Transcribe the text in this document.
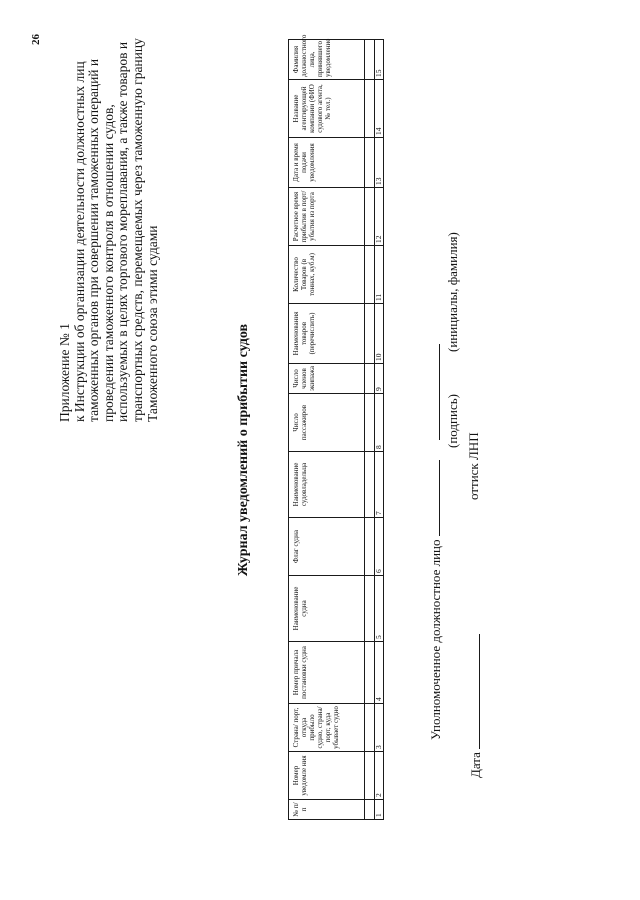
26
Приложение № 1 к Инструкции об организации деятельности должностных лиц таможенных органов при совершении таможенных операций и проведении таможенного контроля в отношении судов, используемых в целях торгового мореплавания, а также товаров и транспортных средств, перемещаемых через таможенную границу Таможенного союза этими судами
Журнал уведомлений о прибытии судов
№ п/п	Номер уведомле ния	Страна/ порт, откуда прибыло судно, страна/ порт, куда убывает судно	Номер причала постановки судна	Наименование судна	Флаг судна	Наименование судовладельца	Число пассажиров	Число членов экипажа	Наименования товаров (перечислить)	Количество Товаров (в тоннах, куб.м)	Расчетное время прибытия в порт/ убытия из порта	Дата и время подачи уведомления	Название агентирующей компании (ФИО судового агента, № тел.)	Фамилия должностного лица, принявшего уведомление

1	2	3	4	5	6	7	8	9	10	11	12	13	14	15
Уполномоченное должностное лицо
(подпись)
(инициалы, фамилия)
оттиск ЛНП
Дата
